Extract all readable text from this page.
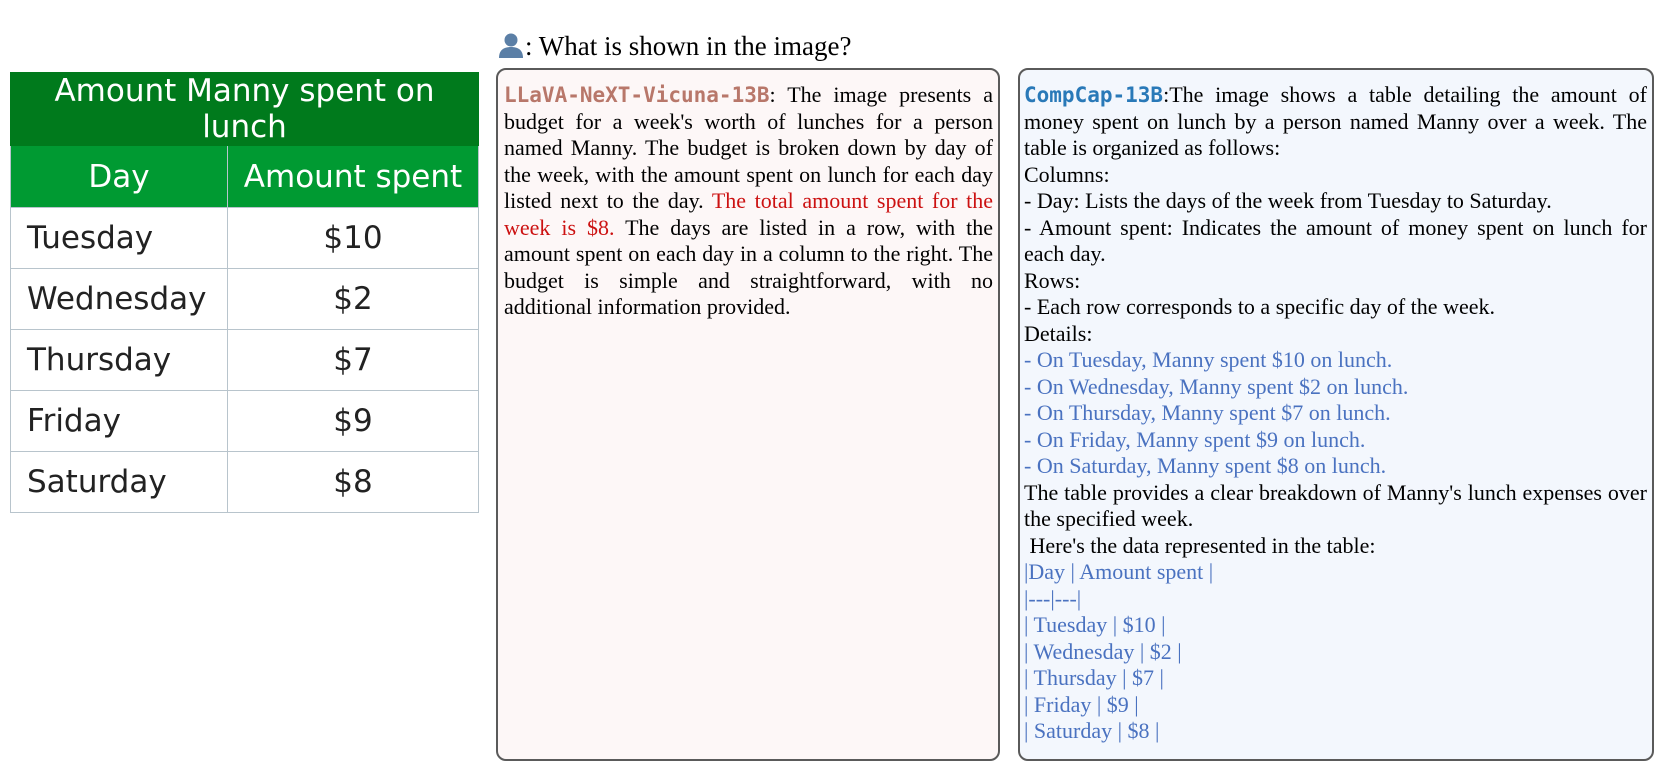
Amount Manny spent on lunch	
Day	Amount spent
Tuesday	$10
Wednesday	$2
Thursday	$7
Friday	$9
Saturday	$8
: What is shown in the image?
LLaVA-NeXT-Vicuna-13B: The image presents a budget for a week's worth of lunches for a person named Manny. The budget is broken down by day of the week, with the amount spent on lunch for each day listed next to the day. The total amount spent for the week is $8. The days are listed in a row, with the amount spent on each day in a column to the right. The budget is simple and straightforward, with no additional information provided.
CompCap-13B:The image shows a table detailing the amount of money spent on lunch by a person named Manny over a week. The table is organized as follows:
Columns:
- Day: Lists the days of the week from Tuesday to Saturday.
- Amount spent: Indicates the amount of money spent on lunch for each day.
Rows:
- Each row corresponds to a specific day of the week.
Details:
- On Tuesday, Manny spent $10 on lunch.
- On Wednesday, Manny spent $2 on lunch.
- On Thursday, Manny spent $7 on lunch.
- On Friday, Manny spent $9 on lunch.
- On Saturday, Manny spent $8 on lunch.
The table provides a clear breakdown of Manny's lunch expenses over the specified week.
Here's the data represented in the table:
|Day | Amount spent |
|---|---|
| Tuesday | $10 |
| Wednesday | $2 |
| Thursday | $7 |
| Friday | $9 |
| Saturday | $8 |
